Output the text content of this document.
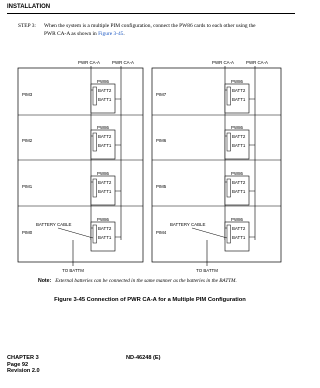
INSTALLATION
STEP 3: When the system is a multiple PIM configuration, connect the PW86 cards to each other using the
PWR CA-A as shown in Figure 3-45.
PWR CA-A	PWR CA-A
PIM3
PW86
BATT2
BATT1
PIM2
PW86
BATT2
BATT1
PIM1
PW86
BATT2
BATT1
PIM0
PW86
BATT2
BATT1
BATTERY CABLE
TO BATTM
PWR CA-A	PWR CA-A
PIM7
PW86
BATT2
BATT1
PIM6
PW86
BATT2
BATT1
PIM5
PW86
BATT2
BATT1
PIM4
PW86
BATT2
BATT1
BATTERY CABLE
TO BATTM
Note: External batteries can be connected in the same manner as the batteries in the BATTM.
Figure 3-45 Connection of PWR CA-A for a Multiple PIM Configuration
CHAPTER 3
Page 92
Revision 2.0
ND-46248 (E)
